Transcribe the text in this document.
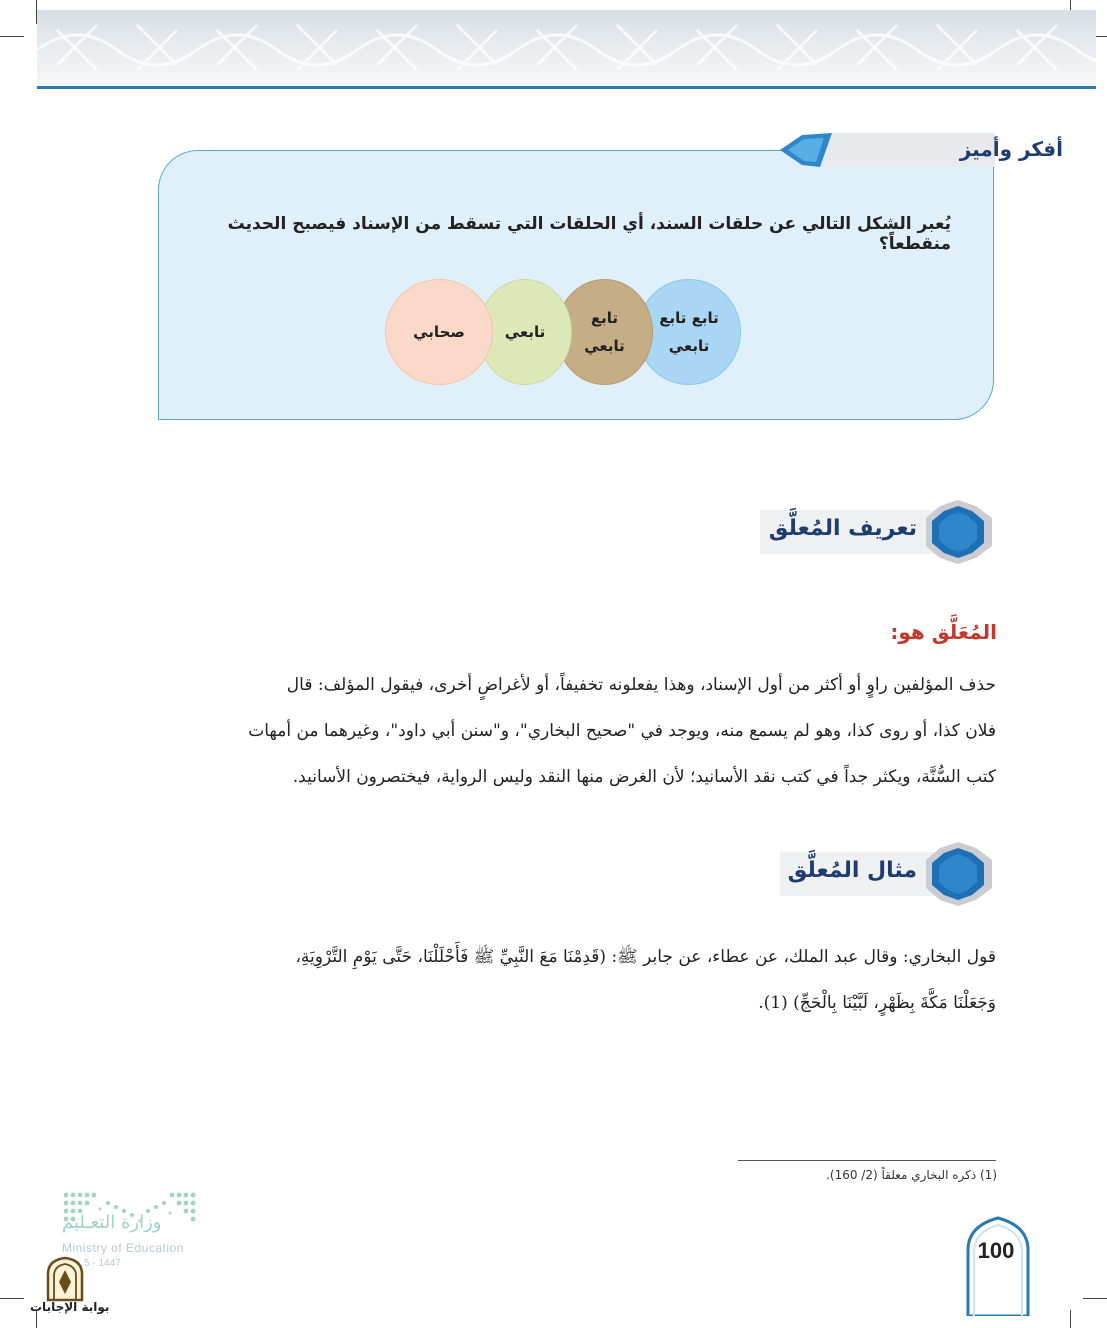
أفكر وأميز
يُعبر الشكل التالي عن حلقات السند، أي الحلقات التي تسقط من الإسناد فيصبح الحديث منقطعاً؟
تابع تابع
تابعي
تابع
تابعي
تابعي
صحابي
تعريف المُعلَّق
المُعَلَّق هو:

حذف المؤلفين راوٍ أو أكثر من أول الإسناد، وهذا يفعلونه تخفيفاً، أو لأغراضٍ أخرى، فيقول المؤلف: قال

فلان كذا، أو روى كذا، وهو لم يسمع منه، ويوجد في "صحيح البخاري"، و"سنن أبي داود"، وغيرهما من أمهات

كتب السُّنَّة، ويكثر جداً في كتب نقد الأسانيد؛ لأن الغرض منها النقد وليس الرواية، فيختصرون الأسانيد.

مثال المُعلَّق

قول البخاري: وقال عبد الملك، عن عطاء، عن جابر ﷺ: (قَدِمْنَا مَعَ النَّبِيِّ ﷺ فَأَحْلَلْنَا، حَتَّى يَوْمِ التَّرْوِيَةِ،

وَجَعَلْنَا مَكَّةَ بِظَهْرٍ، لَبَّيْنَا بِالْحَجِّ) (1).

(1) ذكره البخاري معلقاً (2/ 160).
100
وزارة التعـليم
Ministry of Education
5 - 1447
بوابة الإجابات
